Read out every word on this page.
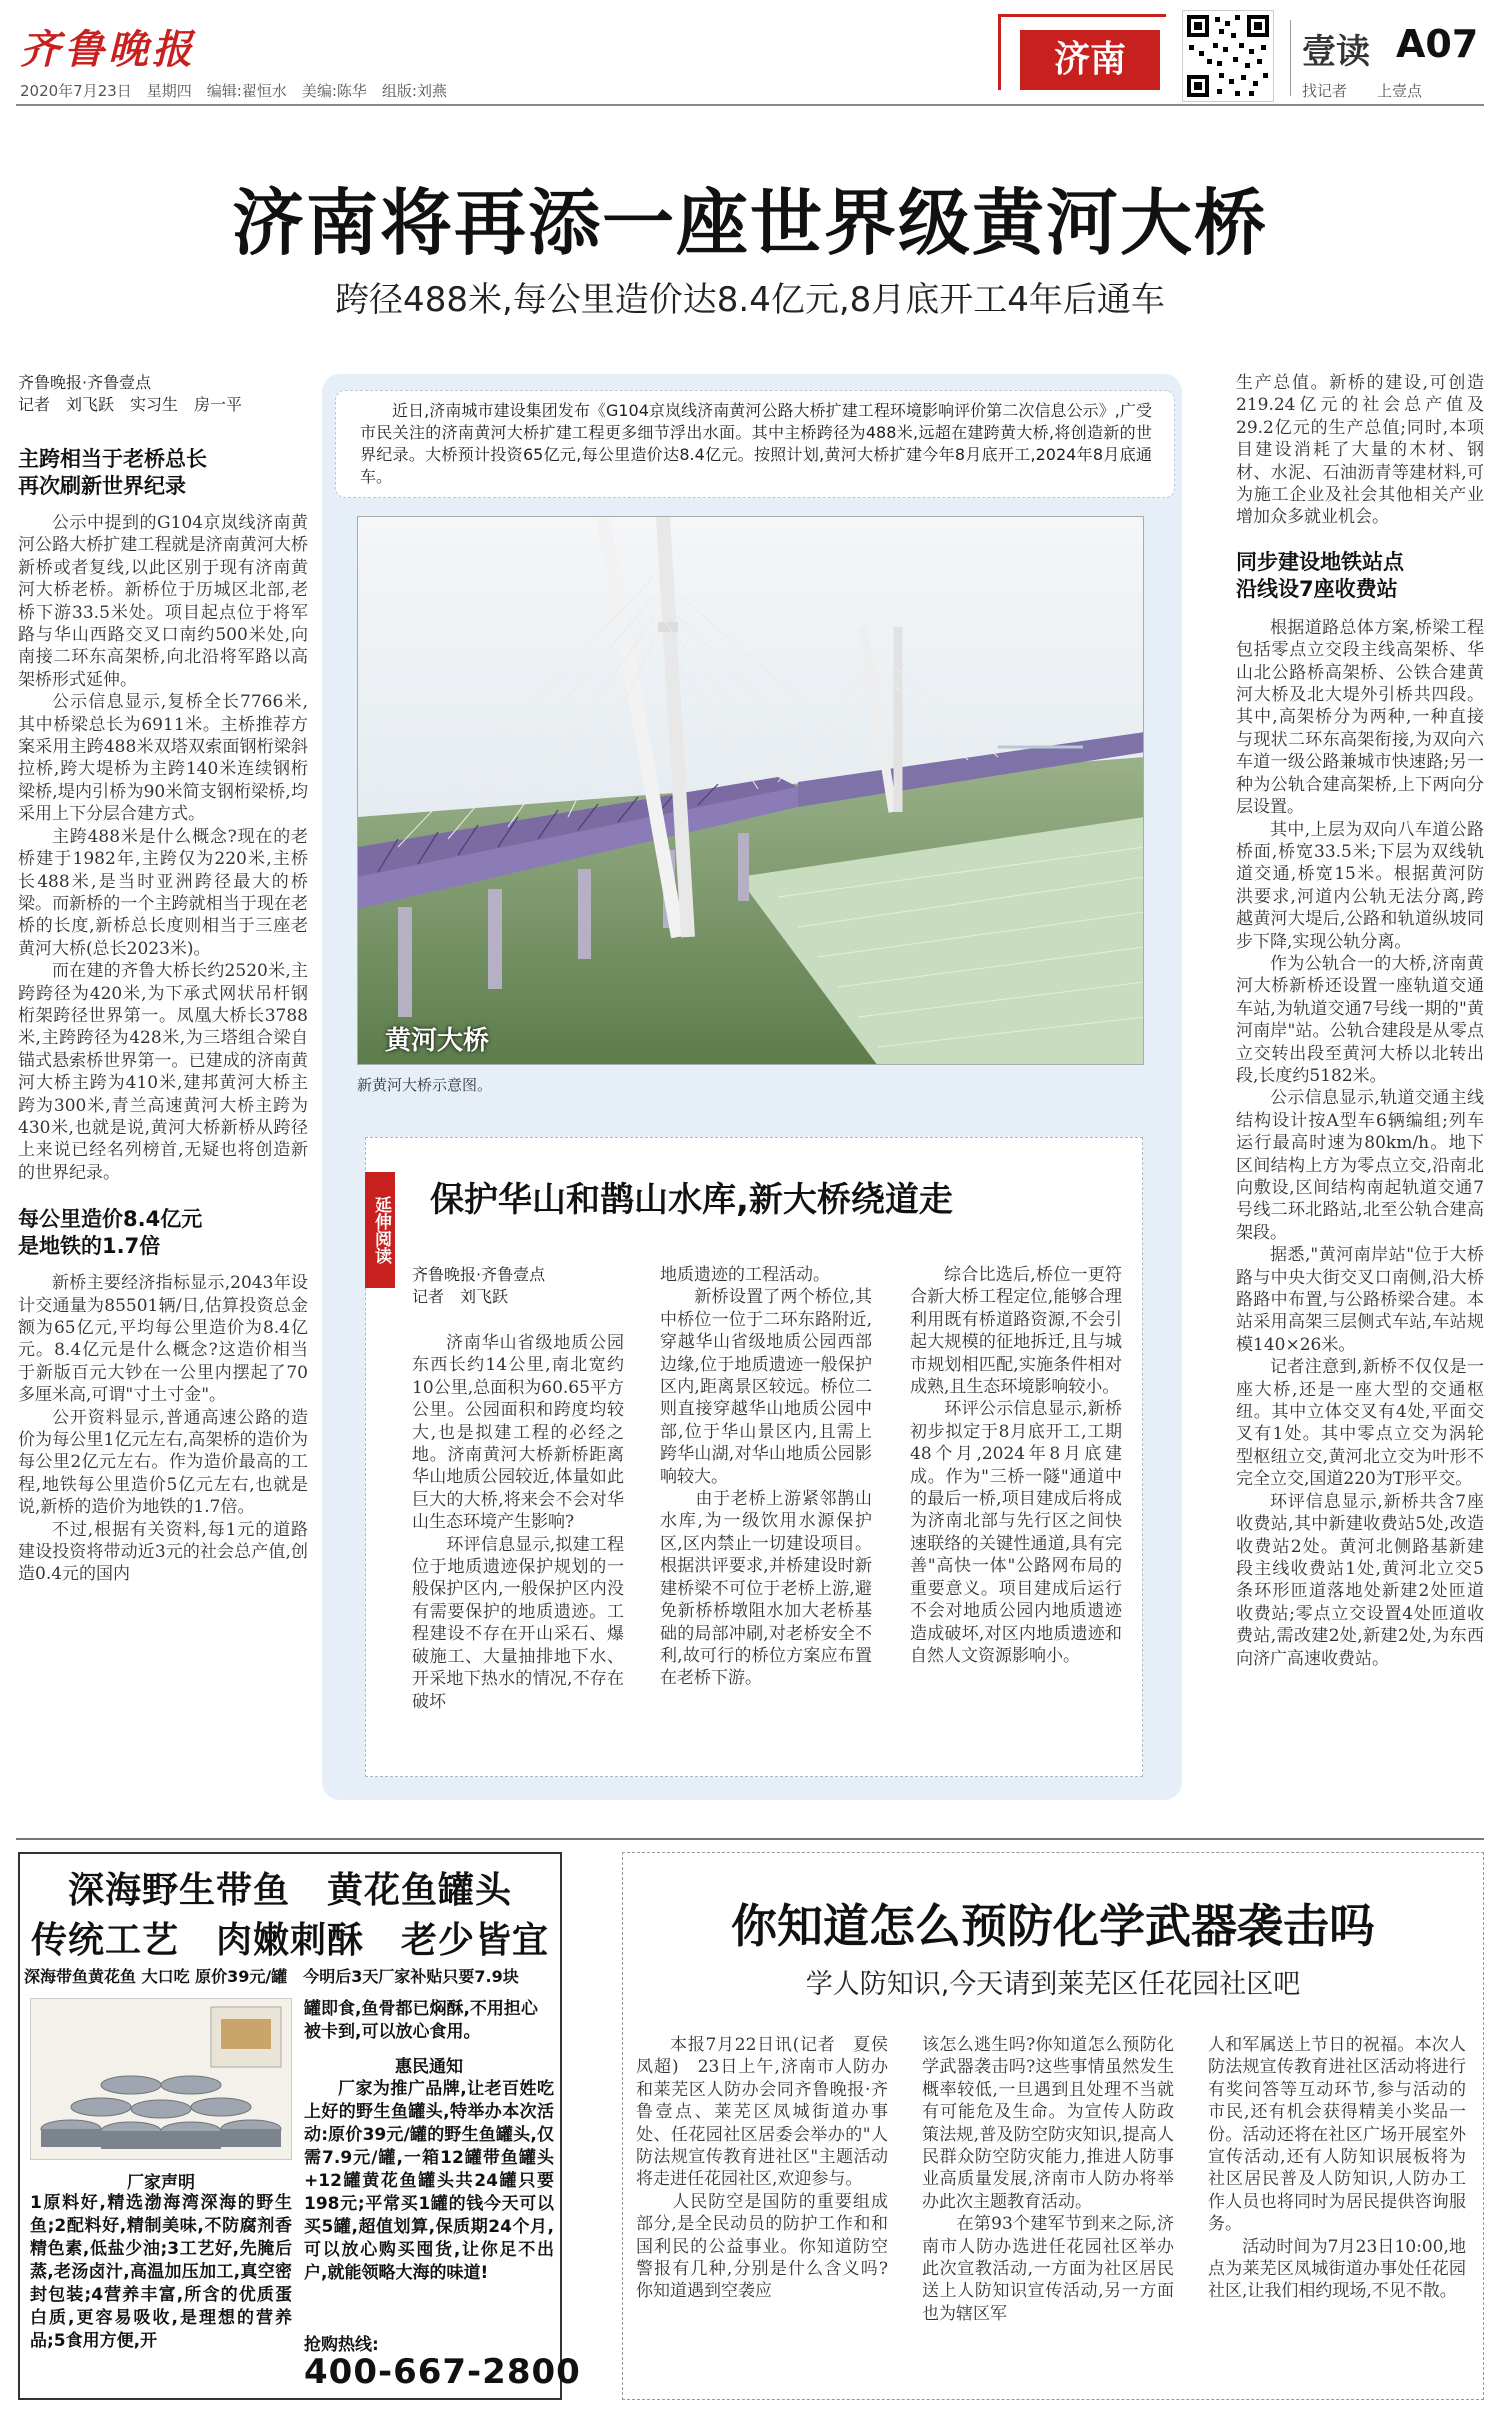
齐鲁晚报
2020年7月23日　星期四　编辑:翟恒水　美编:陈华　组版:刘燕
济南	壹读 A07
找记者　　上壹点
济南将再添一座世界级黄河大桥
跨径488米,每公里造价达8.4亿元,8月底开工4年后通车
齐鲁晚报·齐鲁壹点
记者　刘飞跃　实习生　房一平
主跨相当于老桥总长
再次刷新世界纪录

公示中提到的G104京岚线济南黄河公路大桥扩建工程就是济南黄河大桥新桥或者复线,以此区别于现有济南黄河大桥老桥。新桥位于历城区北部,老桥下游33.5米处。项目起点位于将军路与华山西路交叉口南约500米处,向南接二环东高架桥,向北沿将军路以高架桥形式延伸。

公示信息显示,复桥全长7766米,其中桥梁总长为6911米。主桥推荐方案采用主跨488米双塔双索面钢桁梁斜拉桥,跨大堤桥为主跨140米连续钢桁梁桥,堤内引桥为90米简支钢桁梁桥,均采用上下分层合建方式。

主跨488米是什么概念?现在的老桥建于1982年,主跨仅为220米,主桥长488米,是当时亚洲跨径最大的桥梁。而新桥的一个主跨就相当于现在老桥的长度,新桥总长度则相当于三座老黄河大桥(总长2023米)。

而在建的齐鲁大桥长约2520米,主跨跨径为420米,为下承式网状吊杆钢桁架跨径世界第一。凤凰大桥长3788米,主跨跨径为428米,为三塔组合梁自锚式悬索桥世界第一。已建成的济南黄河大桥主跨为410米,建邦黄河大桥主跨为300米,青兰高速黄河大桥主跨为430米,也就是说,黄河大桥新桥从跨径上来说已经名列榜首,无疑也将创造新的世界纪录。

每公里造价8.4亿元
是地铁的1.7倍

新桥主要经济指标显示,2043年设计交通量为85501辆/日,估算投资总金额为65亿元,平均每公里造价为8.4亿元。8.4亿元是什么概念?这造价相当于新版百元大钞在一公里内摆起了70多厘米高,可谓"寸土寸金"。

公开资料显示,普通高速公路的造价为每公里1亿元左右,高架桥的造价为每公里2亿元左右。作为造价最高的工程,地铁每公里造价5亿元左右,也就是说,新桥的造价为地铁的1.7倍。

不过,根据有关资料,每1元的道路建设投资将带动近3元的社会总产值,创造0.4元的国内

近日,济南城市建设集团发布《G104京岚线济南黄河公路大桥扩建工程环境影响评价第二次信息公示》,广受市民关注的济南黄河大桥扩建工程更多细节浮出水面。其中主桥跨径为488米,远超在建跨黄大桥,将创造新的世界纪录。大桥预计投资65亿元,每公里造价达8.4亿元。按照计划,黄河大桥扩建今年8月底开工,2024年8月底通车。
黄河大桥
新黄河大桥示意图。
延伸阅读 保护华山和鹊山水库,新大桥绕道走
齐鲁晚报·齐鲁壹点
记者　刘飞跃
济南华山省级地质公园东西长约14公里,南北宽约10公里,总面积为60.65平方公里。公园面积和跨度均较大,也是拟建工程的必经之地。济南黄河大桥新桥距离华山地质公园较近,体量如此巨大的大桥,将来会不会对华山生态环境产生影响?
　　环评信息显示,拟建工程位于地质遗迹保护规划的一般保护区内,一般保护区内没有需要保护的地质遗迹。工程建设不存在开山采石、爆破施工、大量抽排地下水、开采地下热水的情况,不存在破坏
地质遗迹的工程活动。
　　新桥设置了两个桥位,其中桥位一位于二环东路附近,穿越华山省级地质公园西部边缘,位于地质遗迹一般保护区内,距离景区较远。桥位二则直接穿越华山地质公园中部,位于华山景区内,且需上跨华山湖,对华山地质公园影响较大。
　　由于老桥上游紧邻鹊山水库,为一级饮用水源保护区,区内禁止一切建设项目。根据洪评要求,并桥建设时新建桥梁不可位于老桥上游,避免新桥桥墩阻水加大老桥基础的局部冲刷,对老桥安全不利,故可行的桥位方案应布置在老桥下游。
综合比选后,桥位一更符合新大桥工程定位,能够合理利用既有桥道路资源,不会引起大规模的征地拆迁,且与城市规划相匹配,实施条件相对成熟,且生态环境影响较小。
　　环评公示信息显示,新桥初步拟定于8月底开工,工期48个月,2024年8月底建成。作为"三桥一隧"通道中的最后一桥,项目建成后将成为济南北部与先行区之间快速联络的关键性通道,具有完善"高快一体"公路网布局的重要意义。项目建成后运行不会对地质公园内地质遗迹造成破坏,对区内地质遗迹和自然人文资源影响小。
生产总值。新桥的建设,可创造219.24亿元的社会总产值及29.2亿元的生产总值;同时,本项目建设消耗了大量的木材、钢材、水泥、石油沥青等建材料,可为施工企业及社会其他相关产业增加众多就业机会。
同步建设地铁站点
沿线设7座收费站

根据道路总体方案,桥梁工程包括零点立交段主线高架桥、华山北公路桥高架桥、公铁合建黄河大桥及北大堤外引桥共四段。其中,高架桥分为两种,一种直接与现状二环东高架衔接,为双向六车道一级公路兼城市快速路;另一种为公轨合建高架桥,上下两向分层设置。

其中,上层为双向八车道公路桥面,桥宽33.5米;下层为双线轨道交通,桥宽15米。根据黄河防洪要求,河道内公轨无法分离,跨越黄河大堤后,公路和轨道纵坡同步下降,实现公轨分离。

作为公轨合一的大桥,济南黄河大桥新桥还设置一座轨道交通车站,为轨道交通7号线一期的"黄河南岸"站。公轨合建段是从零点立交转出段至黄河大桥以北转出段,长度约5182米。

公示信息显示,轨道交通主线结构设计按A型车6辆编组;列车运行最高时速为80km/h。地下区间结构上方为零点立交,沿南北向敷设,区间结构南起轨道交通7号线二环北路站,北至公轨合建高架段。

据悉,"黄河南岸站"位于大桥路与中央大街交叉口南侧,沿大桥路路中布置,与公路桥梁合建。本站采用高架三层侧式车站,车站规模140×26米。

记者注意到,新桥不仅仅是一座大桥,还是一座大型的交通枢纽。其中立体交叉有4处,平面交叉有1处。其中零点立交为涡轮型枢纽立交,黄河北立交为叶形不完全立交,国道220为T形平交。

环评信息显示,新桥共含7座收费站,其中新建收费站5处,改造收费站2处。黄河北侧路基新建段主线收费站1处,黄河北立交5条环形匝道落地处新建2处匝道收费站;零点立交设置4处匝道收费站,需改建2处,新建2处,为东西向济广高速收费站。

深海野生带鱼　黄花鱼罐头
传统工艺　肉嫩刺酥　老少皆宜
深海带鱼黄花鱼 大口吃 原价39元/罐　今明后3天厂家补贴只要7.9块
厂家声明
1原料好,精选渤海湾深海的野生鱼;2配料好,精制美味,不防腐剂香精色素,低盐少油;3工艺好,先腌后蒸,老汤卤汁,高温加压加工,真空密封包装;4营养丰富,所含的优质蛋白质,更容易吸收,是理想的营养品;5食用方便,开
罐即食,鱼骨都已焖酥,不用担心被卡到,可以放心食用。
惠民通知
厂家为推广品牌,让老百姓吃上好的野生鱼罐头,特举办本次活动:原价39元/罐的野生鱼罐头,仅需7.9元/罐,一箱12罐带鱼罐头+12罐黄花鱼罐头共24罐只要198元;平常买1罐的钱今天可以买5罐,超值划算,保质期24个月,可以放心购买囤货,让你足不出户,就能领略大海的味道!
抢购热线:
400-667-2800
你知道怎么预防化学武器袭击吗
学人防知识,今天请到莱芜区任花园社区吧
本报7月22日讯(记者　夏侯凤超)　23日上午,济南市人防办和莱芜区人防办会同齐鲁晚报·齐鲁壹点、莱芜区凤城街道办事处、任花园社区居委会举办的"人防法规宣传教育进社区"主题活动将走进任花园社区,欢迎参与。
　　人民防空是国防的重要组成部分,是全民动员的防护工作和和国利民的公益事业。你知道防空警报有几种,分别是什么含义吗?你知道遇到空袭应
该怎么逃生吗?你知道怎么预防化学武器袭击吗?这些事情虽然发生概率较低,一旦遇到且处理不当就有可能危及生命。为宣传人防政策法规,普及防空防灾知识,提高人民群众防空防灾能力,推进人防事业高质量发展,济南市人防办将举办此次主题教育活动。
　　在第93个建军节到来之际,济南市人防办选进任花园社区举办此次宣教活动,一方面为社区居民送上人防知识宣传活动,另一方面也为辖区军
人和军属送上节日的祝福。本次人防法规宣传教育进社区活动将进行有奖问答等互动环节,参与活动的市民,还有机会获得精美小奖品一份。活动还将在社区广场开展室外宣传活动,还有人防知识展板将为社区居民普及人防知识,人防办工作人员也将同时为居民提供咨询服务。
　　活动时间为7月23日10:00,地点为莱芜区凤城街道办事处任花园社区,让我们相约现场,不见不散。
